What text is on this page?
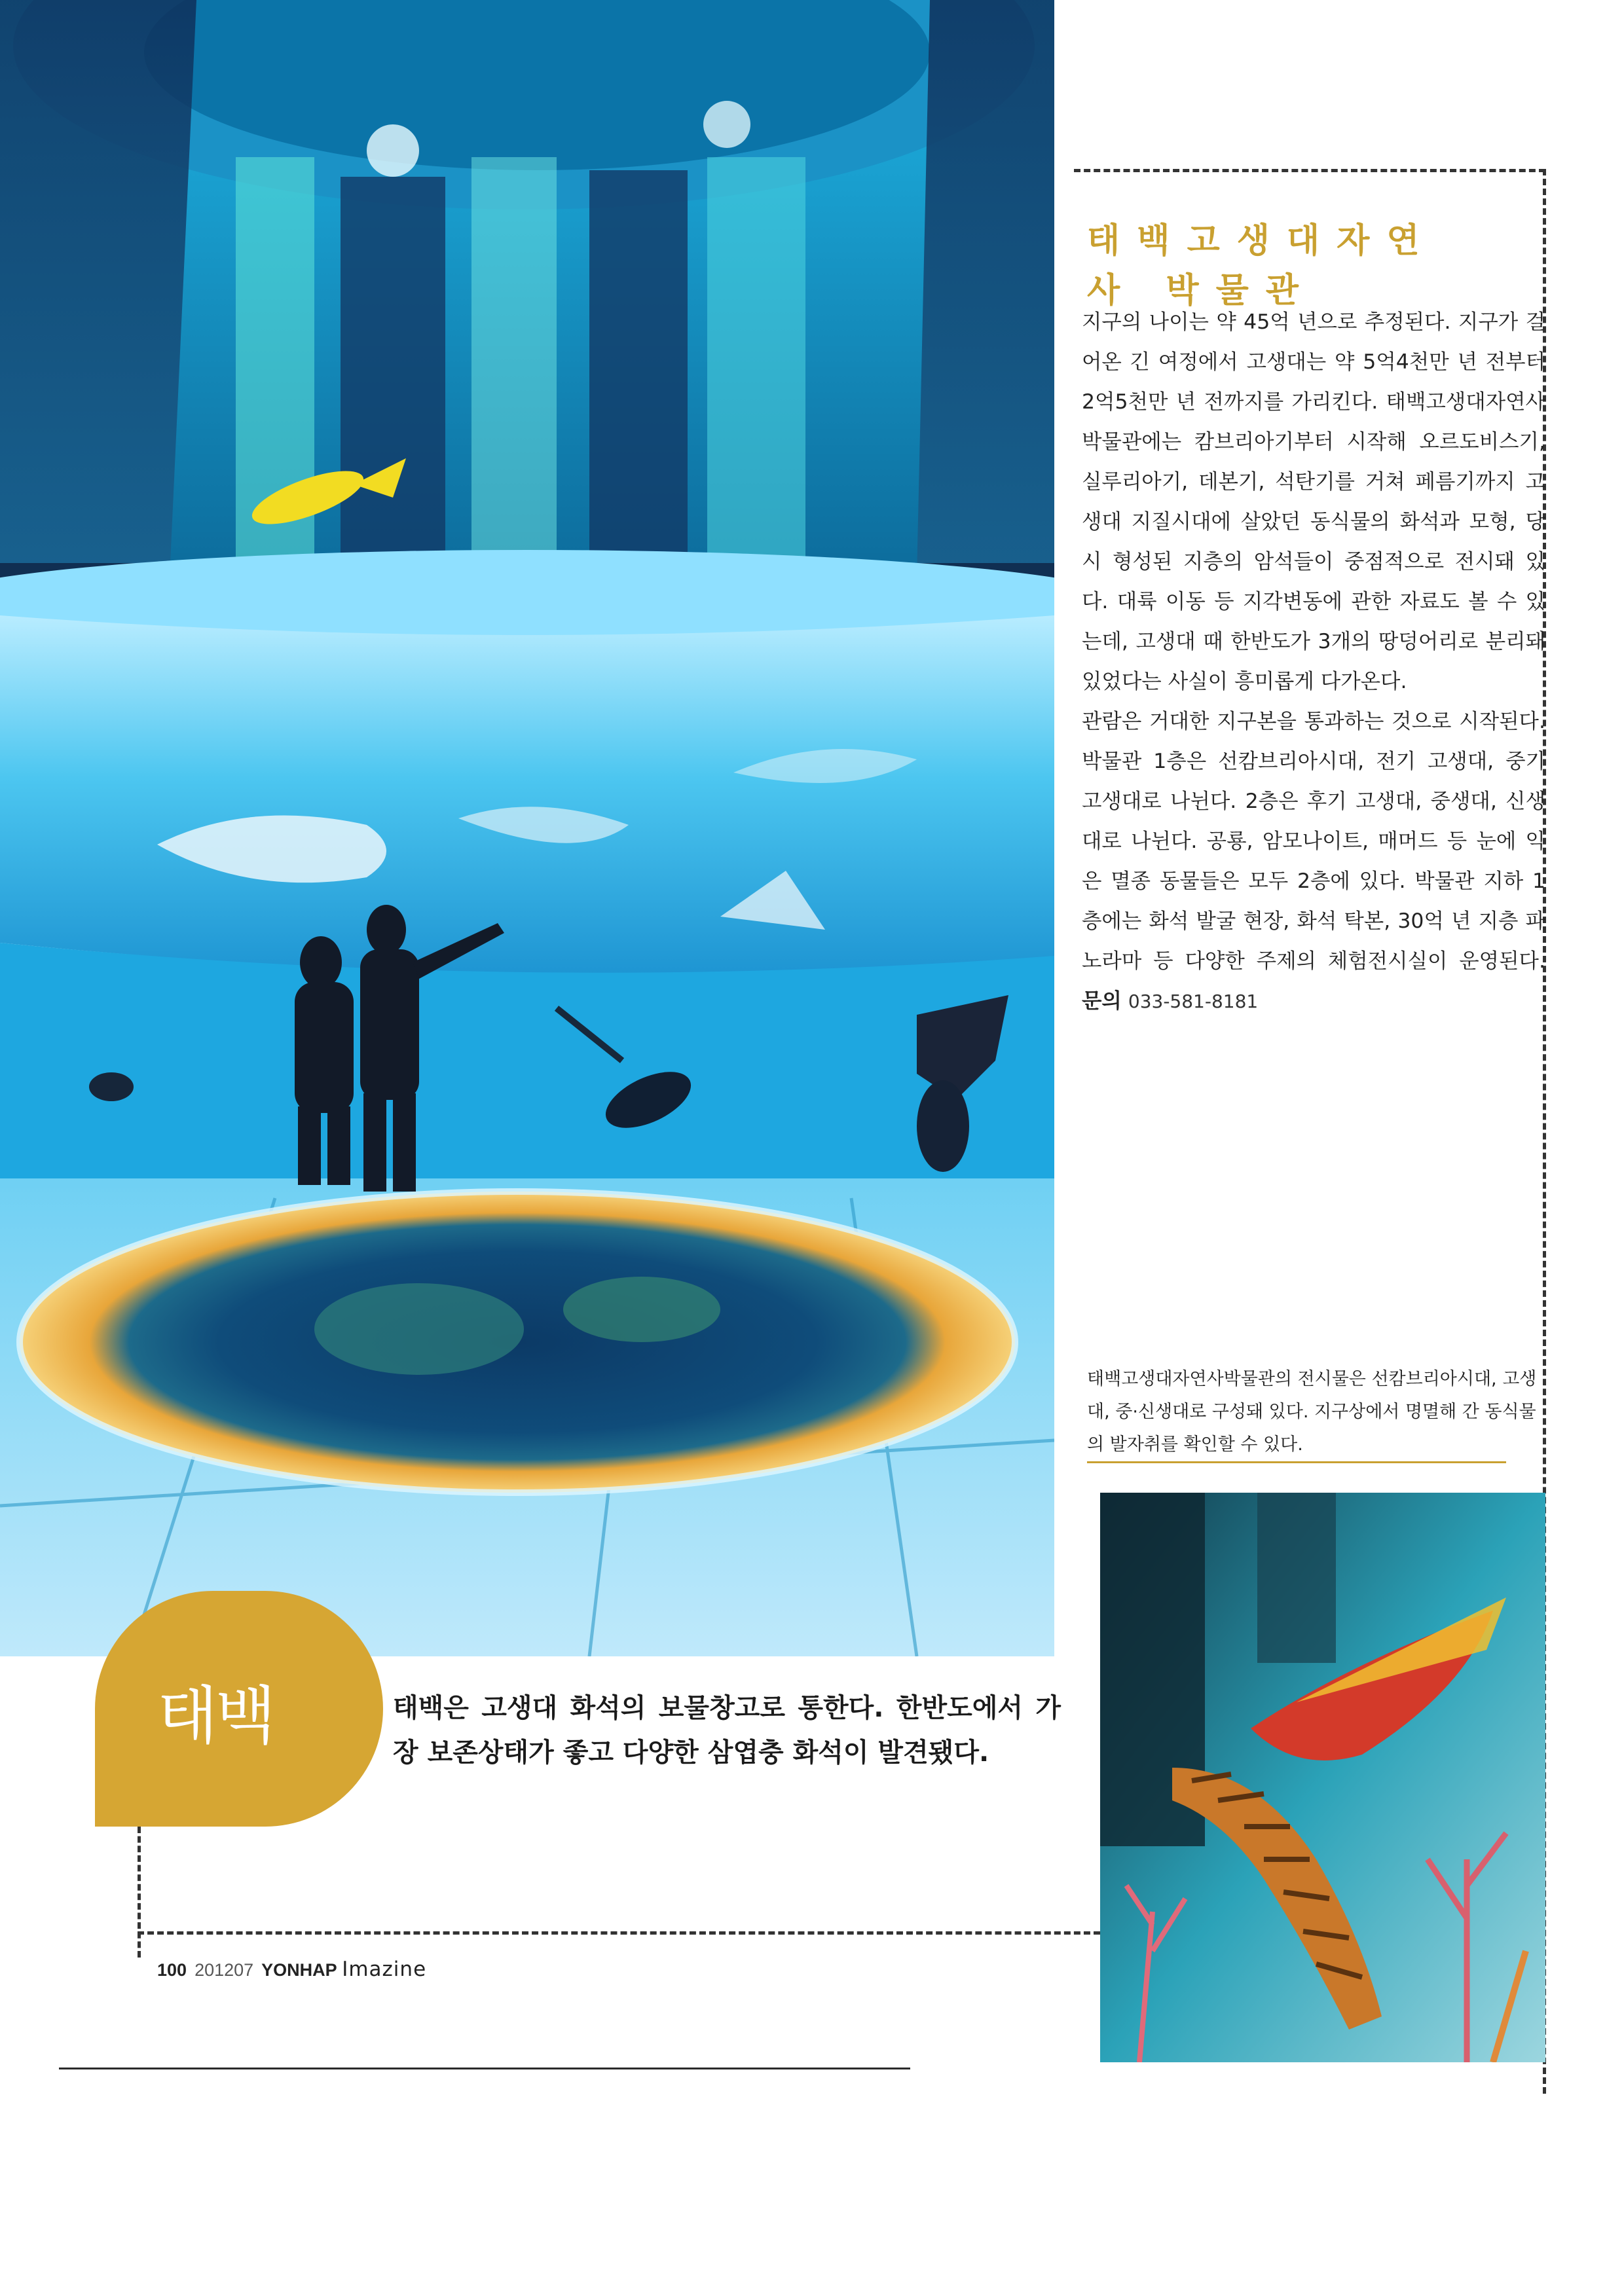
태백고생대자연사 박물관

지구의 나이는 약 45억 년으로 추정된다. 지구가 걸어온 긴 여정에서 고생대는 약 5억4천만 년 전부터 2억5천만 년 전까지를 가리킨다. 태백고생대자연사박물관에는 캄브리아기부터 시작해 오르도비스기, 실루리아기, 데본기, 석탄기를 거쳐 페름기까지 고생대 지질시대에 살았던 동식물의 화석과 모형, 당시 형성된 지층의 암석들이 중점적으로 전시돼 있다. 대륙 이동 등 지각변동에 관한 자료도 볼 수 있는데, 고생대 때 한반도가 3개의 땅덩어리로 분리돼 있었다는 사실이 흥미롭게 다가온다.

관람은 거대한 지구본을 통과하는 것으로 시작된다. 박물관 1층은 선캄브리아시대, 전기 고생대, 중기 고생대로 나뉜다. 2층은 후기 고생대, 중생대, 신생대로 나뉜다. 공룡, 암모나이트, 매머드 등 눈에 익은 멸종 동물들은 모두 2층에 있다. 박물관 지하 1층에는 화석 발굴 현장, 화석 탁본, 30억 년 지층 파노라마 등 다양한 주제의 체험전시실이 운영된다. 문의 033-581-8181

태백고생대자연사박물관의 전시물은 선캄브리아시대, 고생대, 중·신생대로 구성돼 있다. 지구상에서 명멸해 간 동식물의 발자취를 확인할 수 있다.
태백	태백은 고생대 화석의 보물창고로 통한다. 한반도에서 가장 보존상태가 좋고 다양한 삼엽충 화석이 발견됐다.
100 201207 YONHAP Imazine
